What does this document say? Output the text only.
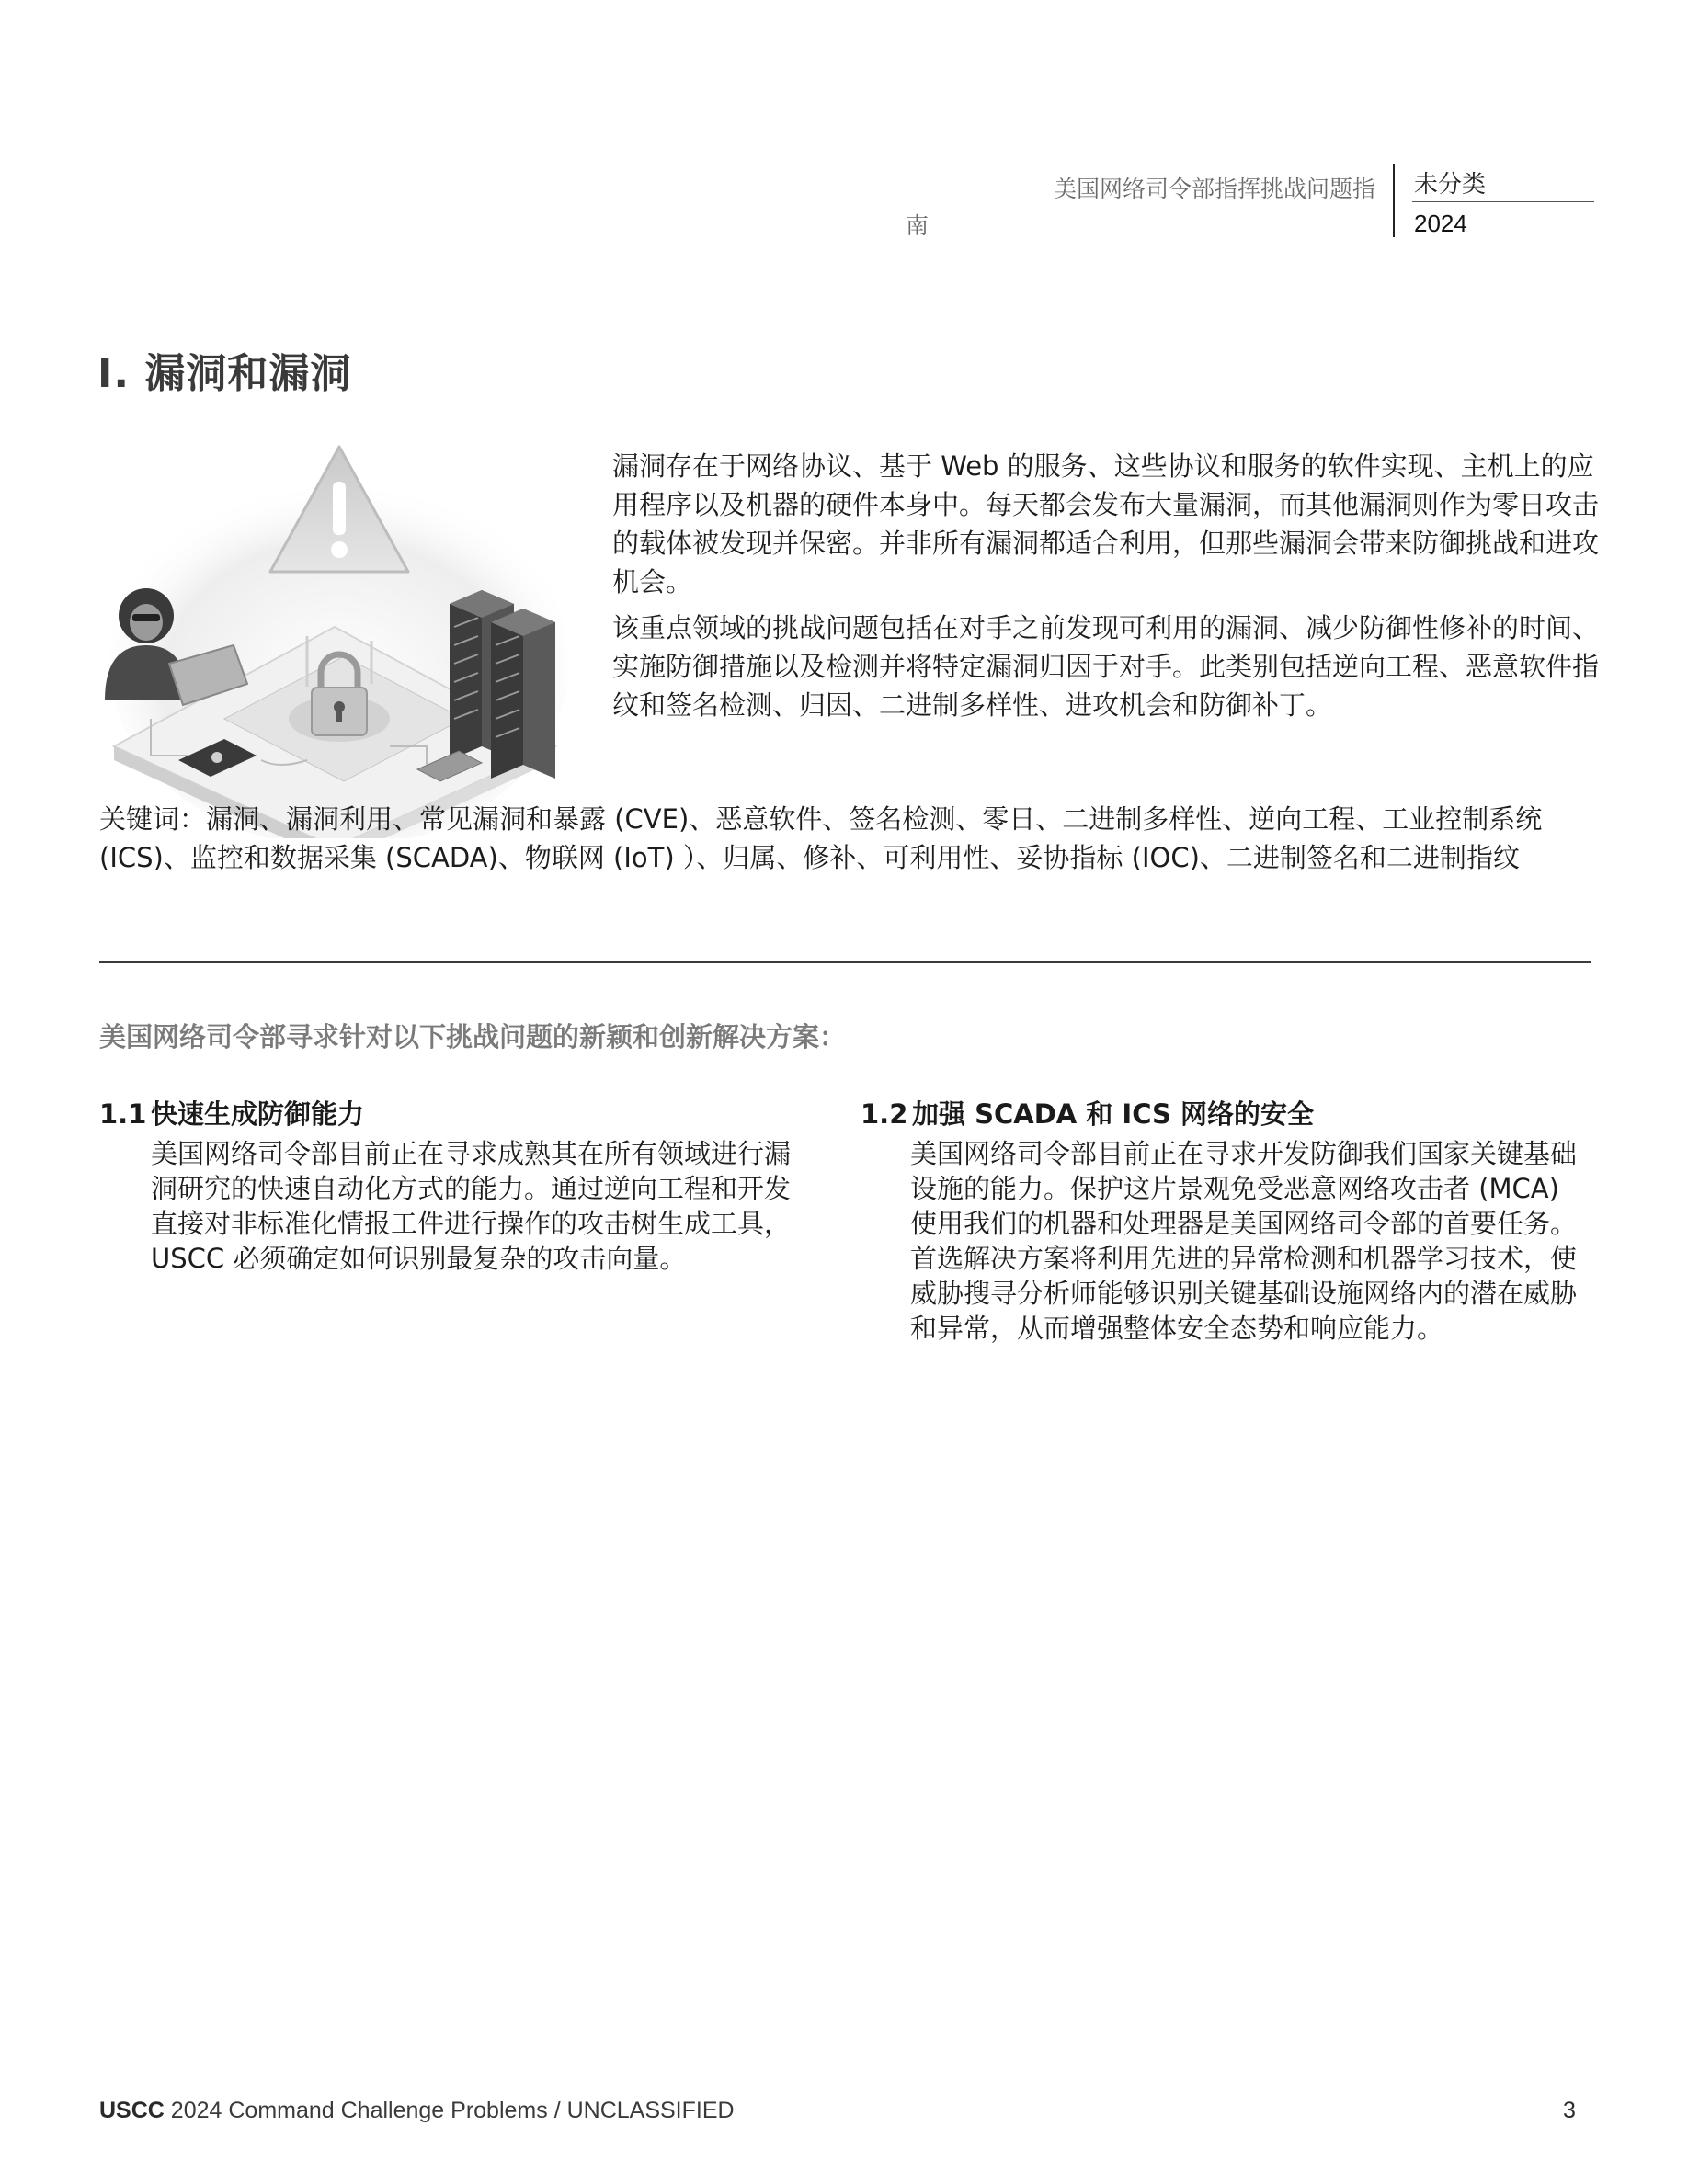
美国网络司令部指挥挑战问题指
南
未分类
2024
I. 漏洞和漏洞
漏洞存在于网络协议、基于 Web 的服务、这些协议和服务的软件实现、主机上的应用程序以及机器的硬件本身中。每天都会发布大量漏洞，而其他漏洞则作为零日攻击的载体被发现并保密。并非所有漏洞都适合利用，但那些漏洞会带来防御挑战和进攻机会。
该重点领域的挑战问题包括在对手之前发现可利用的漏洞、减少防御性修补的时间、实施防御措施以及检测并将特定漏洞归因于对手。此类别包括逆向工程、恶意软件指纹和签名检测、归因、二进制多样性、进攻机会和防御补丁。
关键词：漏洞、漏洞利用、常见漏洞和暴露 (CVE)、恶意软件、签名检测、零日、二进制多样性、逆向工程、工业控制系统 (ICS)、监控和数据采集 (SCADA)、物联网 (IoT) ）、归属、修补、可利用性、妥协指标 (IOC)、二进制签名和二进制指纹
美国网络司令部寻求针对以下挑战问题的新颖和创新解决方案：
1.1 快速生成防御能力
美国网络司令部目前正在寻求成熟其在所有领域进行漏洞研究的快速自动化方式的能力。通过逆向工程和开发直接对非标准化情报工件进行操作的攻击树生成工具，USCC 必须确定如何识别最复杂的攻击向量。
1.2 加强 SCADA 和 ICS 网络的安全
美国网络司令部目前正在寻求开发防御我们国家关键基础设施的能力。保护这片景观免受恶意网络攻击者 (MCA) 使用我们的机器和处理器是美国网络司令部的首要任务。首选解决方案将利用先进的异常检测和机器学习技术，使威胁搜寻分析师能够识别关键基础设施网络内的潜在威胁和异常，从而增强整体安全态势和响应能力。
USCC 2024 Command Challenge Problems / UNCLASSIFIED	3
